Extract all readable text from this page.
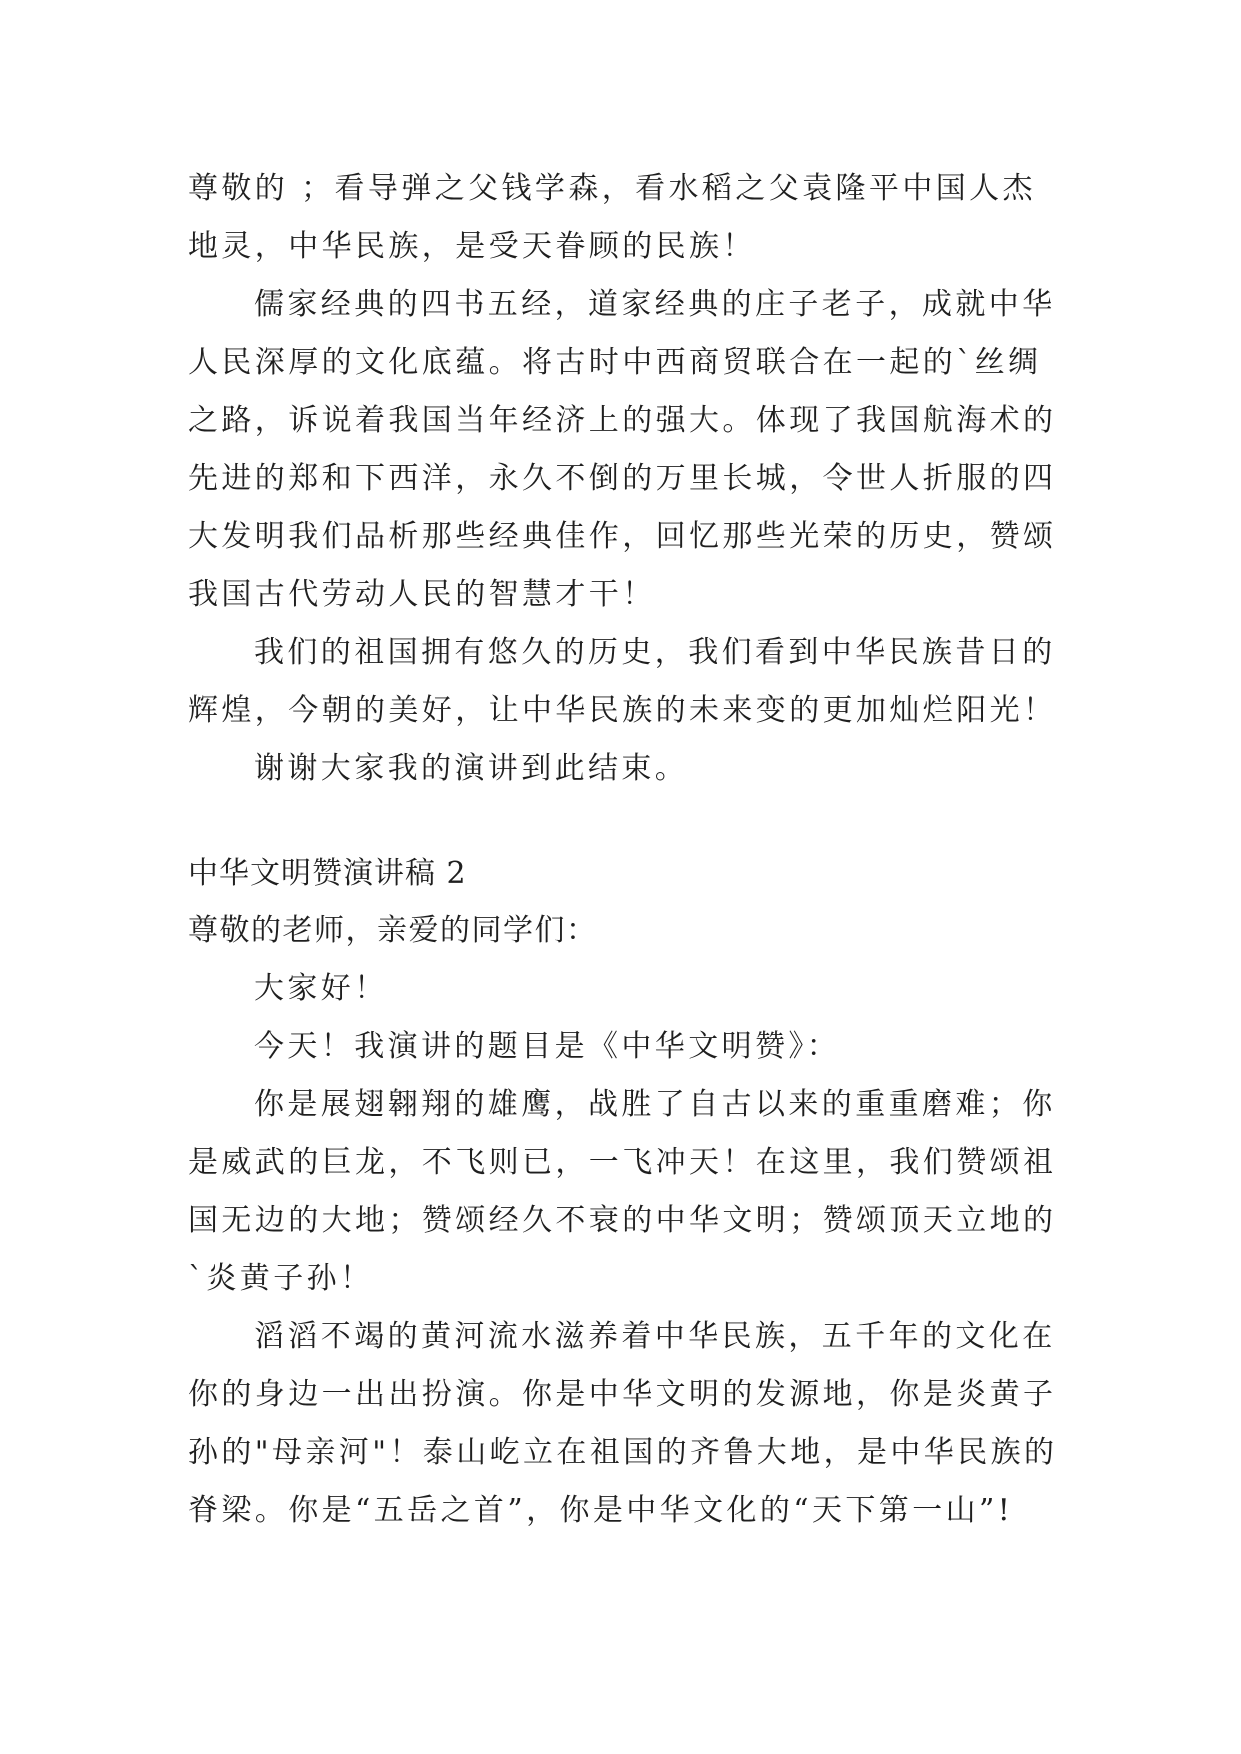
尊敬的 ；看导弹之父钱学森，看水稻之父袁隆平中国人杰
地灵，中华民族，是受天眷顾的民族！
儒家经典的四书五经，道家经典的庄子老子，成就中华
人民深厚的文化底蕴。将古时中西商贸联合在一起的`丝绸
之路，诉说着我国当年经济上的强大。体现了我国航海术的
先进的郑和下西洋，永久不倒的万里长城，令世人折服的四
大发明我们品析那些经典佳作，回忆那些光荣的历史，赞颂
我国古代劳动人民的智慧才干！
我们的祖国拥有悠久的历史，我们看到中华民族昔日的
辉煌，今朝的美好，让中华民族的未来变的更加灿烂阳光！
谢谢大家我的演讲到此结束。
中华文明赞演讲稿 2
尊敬的老师，亲爱的同学们：
大家好！
今天！我演讲的题目是《中华文明赞》：
你是展翅翱翔的雄鹰，战胜了自古以来的重重磨难；你
是威武的巨龙，不飞则已，一飞冲天！在这里，我们赞颂祖
国无边的大地；赞颂经久不衰的中华文明；赞颂顶天立地的
`炎黄子孙！
滔滔不竭的黄河流水滋养着中华民族，五千年的文化在
你的身边一出出扮演。你是中华文明的发源地，你是炎黄子
孙的"母亲河"！泰山屹立在祖国的齐鲁大地，是中华民族的
脊梁。你是“五岳之首”，你是中华文化的“天下第一山”!
